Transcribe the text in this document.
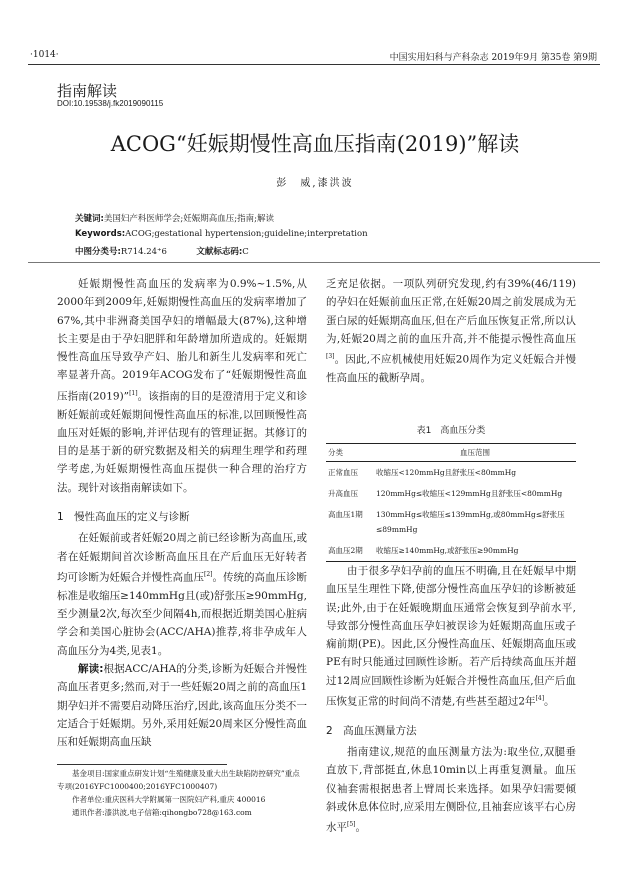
·1014·	中国实用妇科与产科杂志 2019年9月 第35卷 第9期
指南解读
DOI:10.19538/j.fk2019090115
ACOG“妊娠期慢性高血压指南(2019)”解读
彭　威,漆洪波
关键词:美国妇产科医师学会;妊娠期高血压;指南;解读
Keywords:ACOG;gestational hypertension;guideline;interpretation
中图分类号:R714.24⁺6	文献标志码:C

妊娠期慢性高血压的发病率为0.9%~1.5%,从2000年到2009年,妊娠期慢性高血压的发病率增加了67%,其中非洲裔美国孕妇的增幅最大(87%),这种增长主要是由于孕妇肥胖和年龄增加所造成的。妊娠期慢性高血压导致孕产妇、胎儿和新生儿发病率和死亡率显著升高。2019年ACOG发布了“妊娠期慢性高血压指南(2019)”[1]。该指南的目的是澄清用于定义和诊断妊娠前或妊娠期间慢性高血压的标准,以回顾慢性高血压对妊娠的影响,并评估现有的管理证据。其修订的目的是基于新的研究数据及相关的病理生理学和药理学考虑,为妊娠期慢性高血压提供一种合理的治疗方法。现针对该指南解读如下。

1　慢性高血压的定义与诊断

在妊娠前或者妊娠20周之前已经诊断为高血压,或者在妊娠期间首次诊断高血压且在产后血压无好转者均可诊断为妊娠合并慢性高血压[2]。传统的高血压诊断标准是收缩压≥140mmHg且(或)舒张压≥90mmHg,至少测量2次,每次至少间隔4h,而根据近期美国心脏病学会和美国心脏协会(ACC/AHA)推荐,将非孕成年人高血压分为4类,见表1。

解读:根据ACC/AHA的分类,诊断为妊娠合并慢性高血压者更多;然而,对于一些妊娠20周之前的高血压1期孕妇并不需要启动降压治疗,因此,该高血压分类不一定适合于妊娠期。另外,采用妊娠20周来区分慢性高血压和妊娠期高血压缺

基金项目:国家重点研发计划“生殖健康及重大出生缺陷防控研究”重点专项(2016YFC1000400;2016YFC1000407)
作者单位:重庆医科大学附属第一医院妇产科,重庆 400016
通讯作者:漆洪波,电子信箱:qihongbo728@163.com

乏充足依据。一项队列研究发现,约有39%(46/119)的孕妇在妊娠前血压正常,在妊娠20周之前发展成为无蛋白尿的妊娠期高血压,但在产后血压恢复正常,所以认为,妊娠20周之前的血压升高,并不能提示慢性高血压[3]。因此,不应机械使用妊娠20周作为定义妊娠合并慢性高血压的截断孕周。

表1　高血压分类
分类	血压范围
正常血压	收缩压<120mmHg且舒张压<80mmHg
升高血压	120mmHg≤收缩压<129mmHg且舒张压<80mmHg
高血压1期	130mmHg≤收缩压≤139mmHg,或80mmHg≤舒张压≤89mmHg
高血压2期	收缩压≥140mmHg,或舒张压≥90mmHg

由于很多孕妇孕前的血压不明确,且在妊娠早中期血压呈生理性下降,使部分慢性高血压孕妇的诊断被延误;此外,由于在妊娠晚期血压通常会恢复到孕前水平,导致部分慢性高血压孕妇被误诊为妊娠期高血压或子痫前期(PE)。因此,区分慢性高血压、妊娠期高血压或PE有时只能通过回顾性诊断。若产后持续高血压并超过12周应回顾性诊断为妊娠合并慢性高血压,但产后血压恢复正常的时间尚不清楚,有些甚至超过2年[4]。

2　高血压测量方法

指南建议,规范的血压测量方法为:取坐位,双腿垂直放下,背部挺直,休息10min以上再重复测量。血压仪袖套需根据患者上臂周长来选择。如果孕妇需要倾斜或休息体位时,应采用左侧卧位,且袖套应该平右心房水平[5]。
